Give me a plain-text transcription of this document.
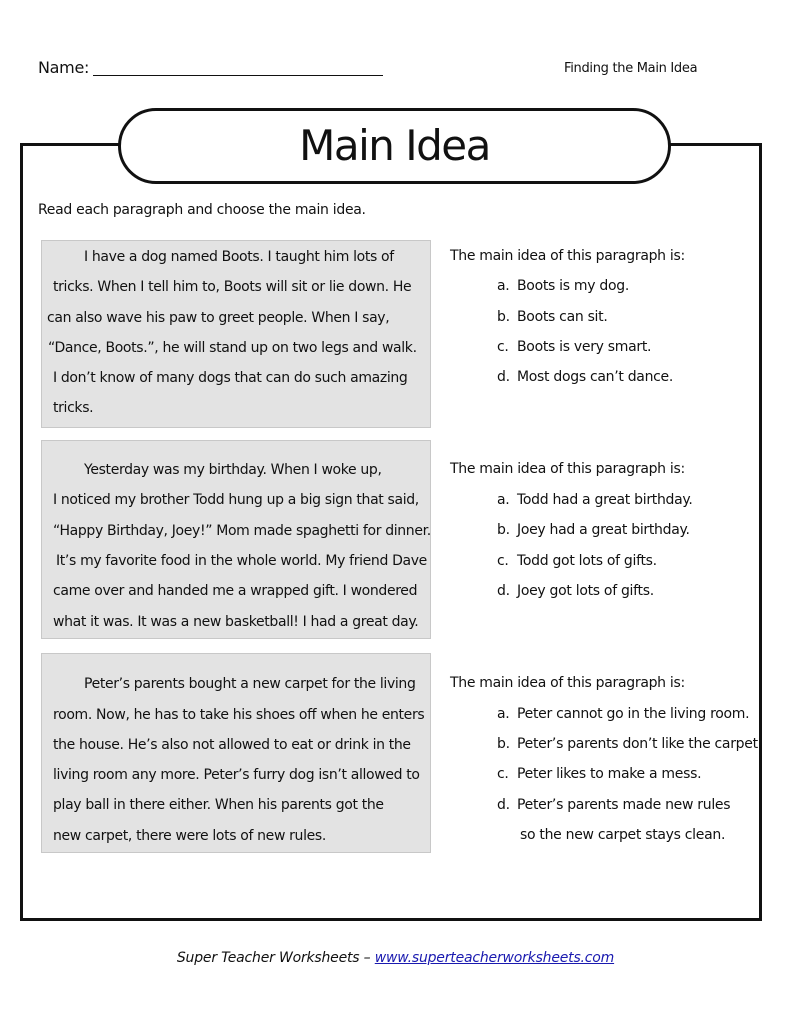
Name:	Finding the Main Idea
Main Idea
Read each paragraph and choose the main idea.
I have a dog named Boots. I taught him lots of
tricks. When I tell him to, Boots will sit or lie down. He
can also wave his paw to greet people. When I say,
“Dance, Boots.”, he will stand up on two legs and walk.
I don’t know of many dogs that can do such amazing
tricks.
The main idea of this paragraph is:
a. Boots is my dog.
b. Boots can sit.
c. Boots is very smart.
d. Most dogs can’t dance.
Yesterday was my birthday. When I woke up,
I noticed my brother Todd hung up a big sign that said,
“Happy Birthday, Joey!” Mom made spaghetti for dinner.
It’s my favorite food in the whole world. My friend Dave
came over and handed me a wrapped gift. I wondered
what it was. It was a new basketball! I had a great day.
The main idea of this paragraph is:
a. Todd had a great birthday.
b. Joey had a great birthday.
c. Todd got lots of gifts.
d. Joey got lots of gifts.
Peter’s parents bought a new carpet for the living
room. Now, he has to take his shoes off when he enters
the house. He’s also not allowed to eat or drink in the
living room any more. Peter’s furry dog isn’t allowed to
play ball in there either. When his parents got the
new carpet, there were lots of new rules.
The main idea of this paragraph is:
a. Peter cannot go in the living room.
b. Peter’s parents don’t like the carpet.
c. Peter likes to make a mess.
d. Peter’s parents made new rules
so the new carpet stays clean.
Super Teacher Worksheets – www.superteacherworksheets.com
